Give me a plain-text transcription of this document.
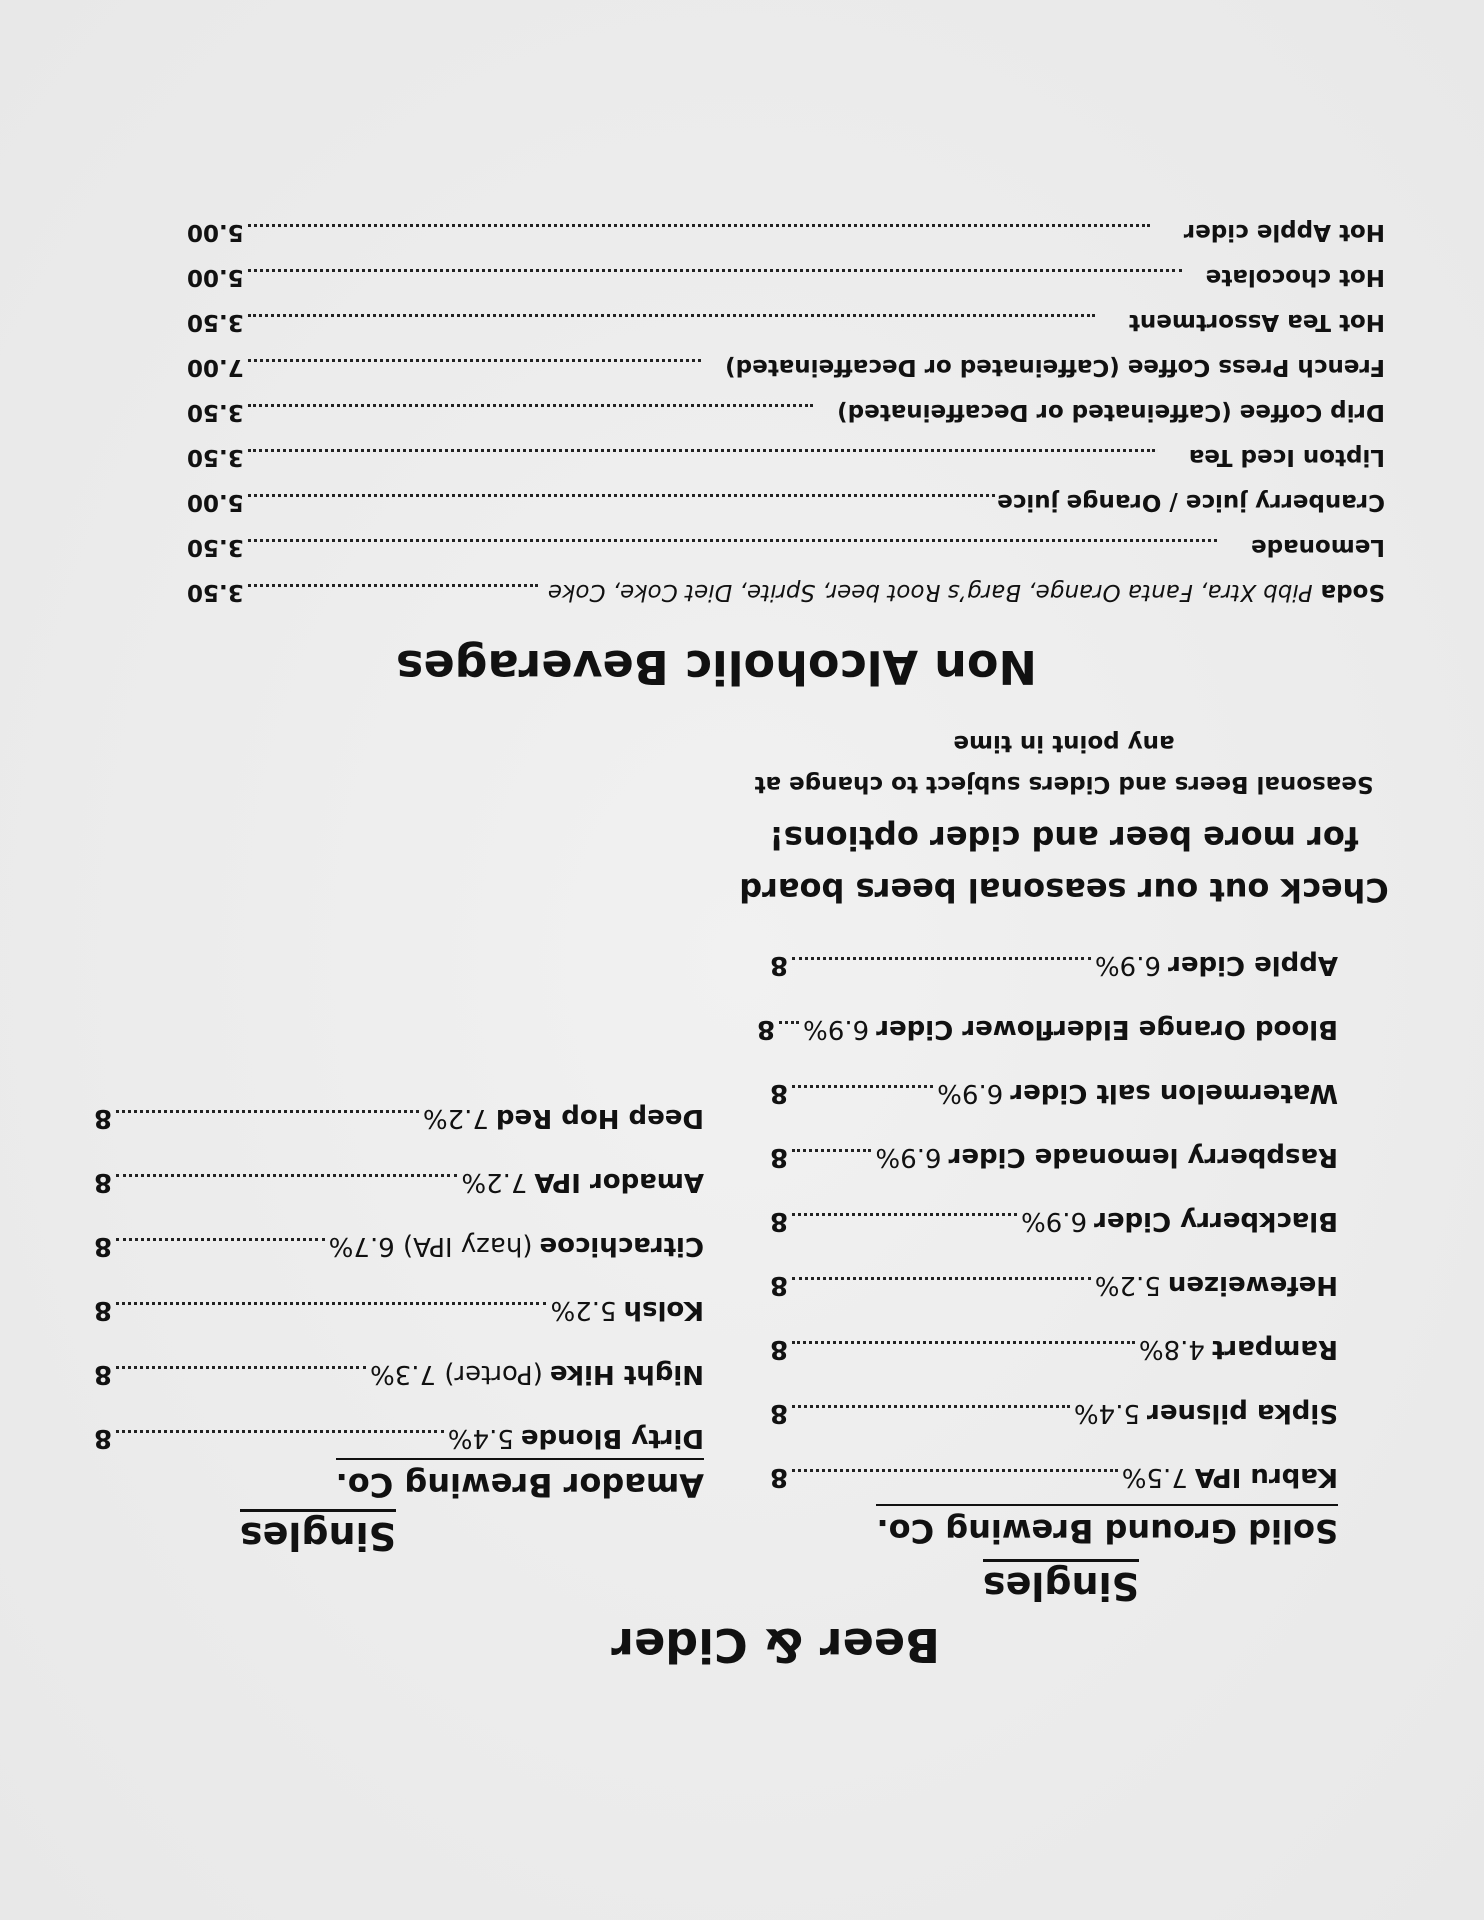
Beer & Cider
Singles
Solid Ground Brewing Co.
Kabru IPA
7.5%
8
Sipka pilsner
5.4%
8
Rampart
4.8%
8
Hefeweizen
5.2%
8
Blackberry Cider
6.9%
8
Raspberry lemonade Cider
6.9%
8
Watermelon salt Cider
6.9%
8
Blood Orange Elderflower Cider
6.9%
8
Apple Cider
6.9%
8
Singles
Amador Brewing Co.
Dirty Blonde
5.4%
8
Night Hike
(Porter) 7.3%
8
Kolsh
5.2%
8
Citrachicoe
(hazy IPA) 6.7%
8
Amador IPA
7.2%
8
Deep Hop Red
7.2%
8
Check out our seasonal beers board
for more beer and cider options!
Seasonal Beers and Ciders subject to change at
any point in time
Non Alcoholic Beverages
Soda
Pibb Xtra, Fanta Orange, Barg’s Root beer, Sprite, Diet Coke, Coke
3.50
Lemonade
3.50
Cranberry juice / Orange juice
5.00
Lipton Iced Tea
3.50
Drip Coffee (Caffeinated or Decaffeinated)
3.50
French Press Coffee (Caffeinated or Decaffeinated)
7.00
Hot Tea Assortment
3.50
Hot chocolate
5.00
Hot Apple cider
5.00
